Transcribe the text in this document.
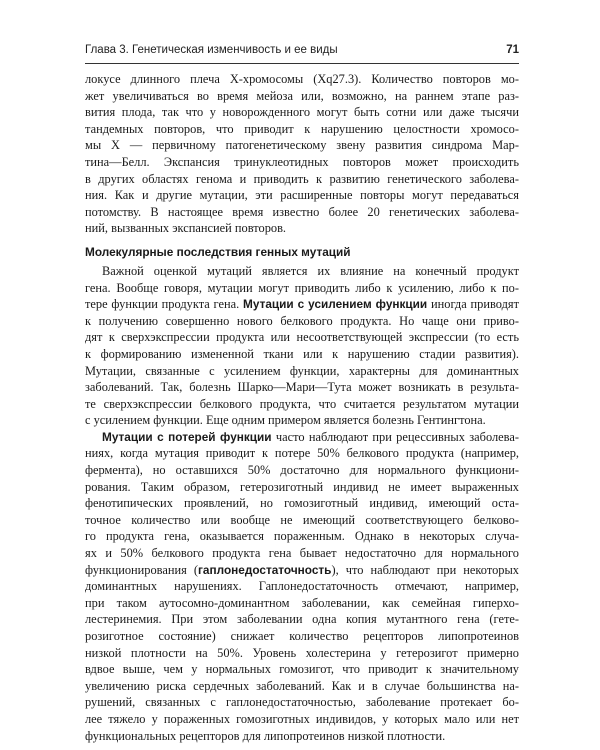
Глава 3. Генетическая изменчивость и ее виды	71
локусе длинного плеча X-хромосомы (Xq27.3). Количество повторов мо-
жет увеличиваться во время мейоза или, возможно, на раннем этапе раз-
вития плода, так что у новорожденного могут быть сотни или даже тысячи
тандемных повторов, что приводит к нарушению целостности хромосо-
мы X — первичному патогенетическому звену развития синдрома Мар-
тина—Белл. Экспансия тринуклеотидных повторов может происходить
в других областях генома и приводить к развитию генетического заболева-
ния. Как и другие мутации, эти расширенные повторы могут передаваться
потомству. В настоящее время известно более 20 генетических заболева-
ний, вызванных экспансией повторов.
Молекулярные последствия генных мутаций
Важной оценкой мутаций является их влияние на конечный продукт
гена. Вообще говоря, мутации могут приводить либо к усилению, либо к по-
тере функции продукта гена. Мутации с усилением функции иногда приводят
к получению совершенно нового белкового продукта. Но чаще они приво-
дят к сверхэкспрессии продукта или несоответствующей экспрессии (то есть
к формированию измененной ткани или к нарушению стадии развития).
Мутации, связанные с усилением функции, характерны для доминантных
заболеваний. Так, болезнь Шарко—Мари—Тута может возникать в результа-
те сверхэкспрессии белкового продукта, что считается результатом мутации
с усилением функции. Еще одним примером является болезнь Гентингтона.
Мутации с потерей функции часто наблюдают при рецессивных заболева-
ниях, когда мутация приводит к потере 50% белкового продукта (например,
фермента), но оставшихся 50% достаточно для нормального функциони-
рования. Таким образом, гетерозиготный индивид не имеет выраженных
фенотипических проявлений, но гомозиготный индивид, имеющий оста-
точное количество или вообще не имеющий соответствующего белково-
го продукта гена, оказывается пораженным. Однако в некоторых случа-
ях и 50% белкового продукта гена бывает недостаточно для нормального
функционирования (гаплонедостаточность), что наблюдают при некоторых
доминантных нарушениях. Гаплонедостаточность отмечают, например,
при таком аутосомно-доминантном заболевании, как семейная гиперхо-
лестеринемия. При этом заболевании одна копия мутантного гена (гете-
розиготное состояние) снижает количество рецепторов липопротеинов
низкой плотности на 50%. Уровень холестерина у гетерозигот примерно
вдвое выше, чем у нормальных гомозигот, что приводит к значительному
увеличению риска сердечных заболеваний. Как и в случае большинства на-
рушений, связанных с гаплонедостаточностью, заболевание протекает бо-
лее тяжело у пораженных гомозиготных индивидов, у которых мало или нет
функциональных рецепторов для липопротеинов низкой плотности.
